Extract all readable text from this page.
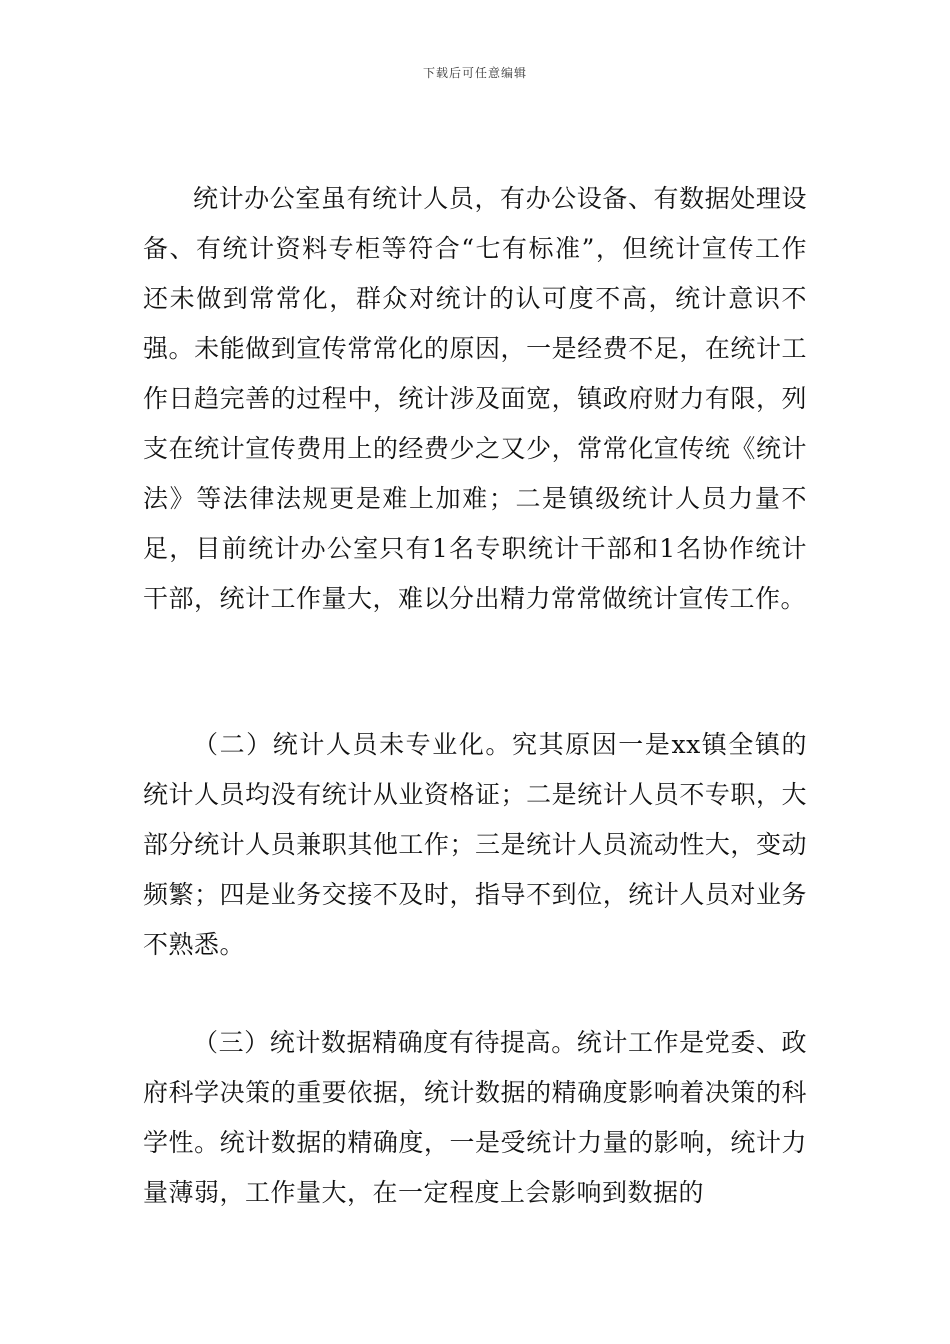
下载后可任意编辑

统计办公室虽有统计人员，有办公设备、有数据处理设备、有统计资料专柜等符合“七有标准”，但统计宣传工作还未做到常常化，群众对统计的认可度不高，统计意识不强。未能做到宣传常常化的原因，一是经费不足，在统计工作日趋完善的过程中，统计涉及面宽，镇政府财力有限，列支在统计宣传费用上的经费少之又少，常常化宣传统《统计法》等法律法规更是难上加难；二是镇级统计人员力量不足，目前统计办公室只有1名专职统计干部和1名协作统计干部，统计工作量大，难以分出精力常常做统计宣传工作。

（二）统计人员未专业化。究其原因一是xx镇全镇的统计人员均没有统计从业资格证；二是统计人员不专职，大部分统计人员兼职其他工作；三是统计人员流动性大，变动频繁；四是业务交接不及时，指导不到位，统计人员对业务不熟悉。

（三）统计数据精确度有待提高。统计工作是党委、政府科学决策的重要依据，统计数据的精确度影响着决策的科学性。统计数据的精确度，一是受统计力量的影响，统计力量薄弱，工作量大，在一定程度上会影响到数据的
